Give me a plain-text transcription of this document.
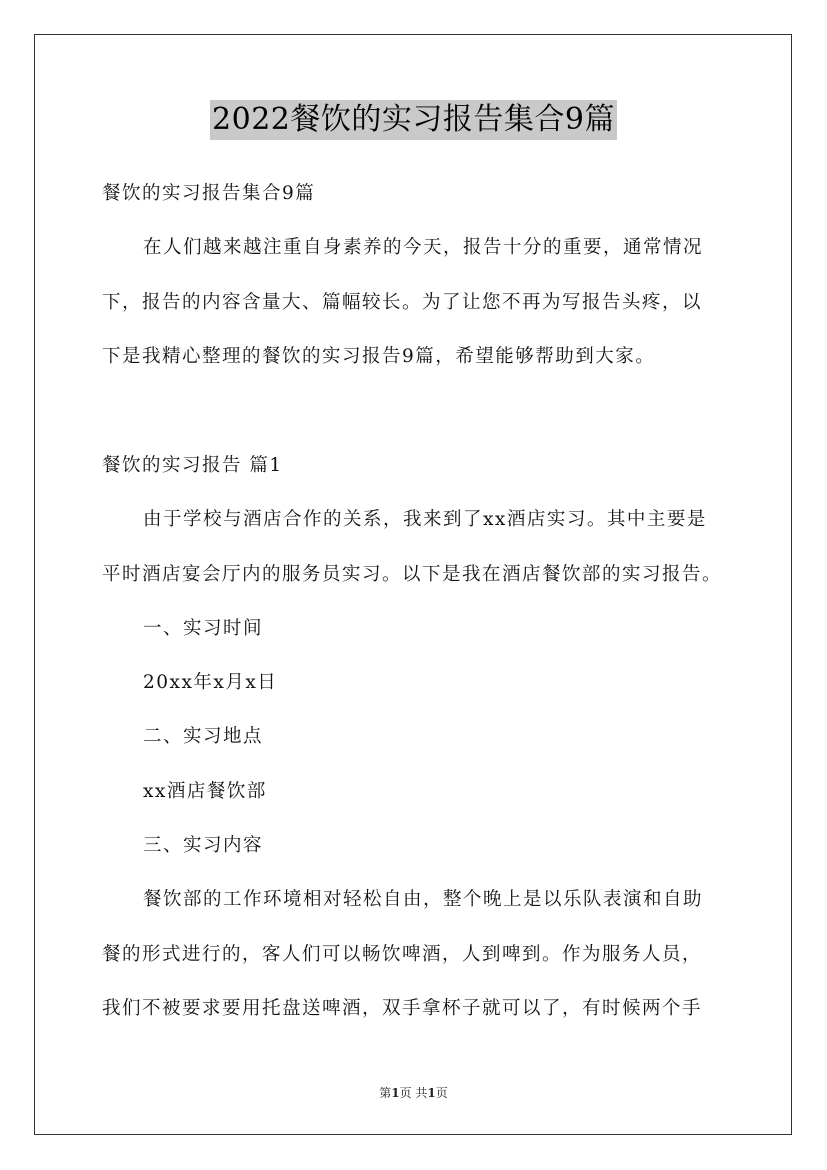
2022餐饮的实习报告集合9篇
餐饮的实习报告集合9篇
在人们越来越注重自身素养的今天，报告十分的重要，通常情况
下，报告的内容含量大、篇幅较长。为了让您不再为写报告头疼，以
下是我精心整理的餐饮的实习报告9篇，希望能够帮助到大家。
餐饮的实习报告 篇1
由于学校与酒店合作的关系，我来到了xx酒店实习。其中主要是
平时酒店宴会厅内的服务员实习。以下是我在酒店餐饮部的实习报告。
一、实习时间
20xx年x月x日
二、实习地点
xx酒店餐饮部
三、实习内容
餐饮部的工作环境相对轻松自由，整个晚上是以乐队表演和自助
餐的形式进行的，客人们可以畅饮啤酒，人到啤到。作为服务人员，
我们不被要求要用托盘送啤酒，双手拿杯子就可以了，有时候两个手
第1页 共1页
